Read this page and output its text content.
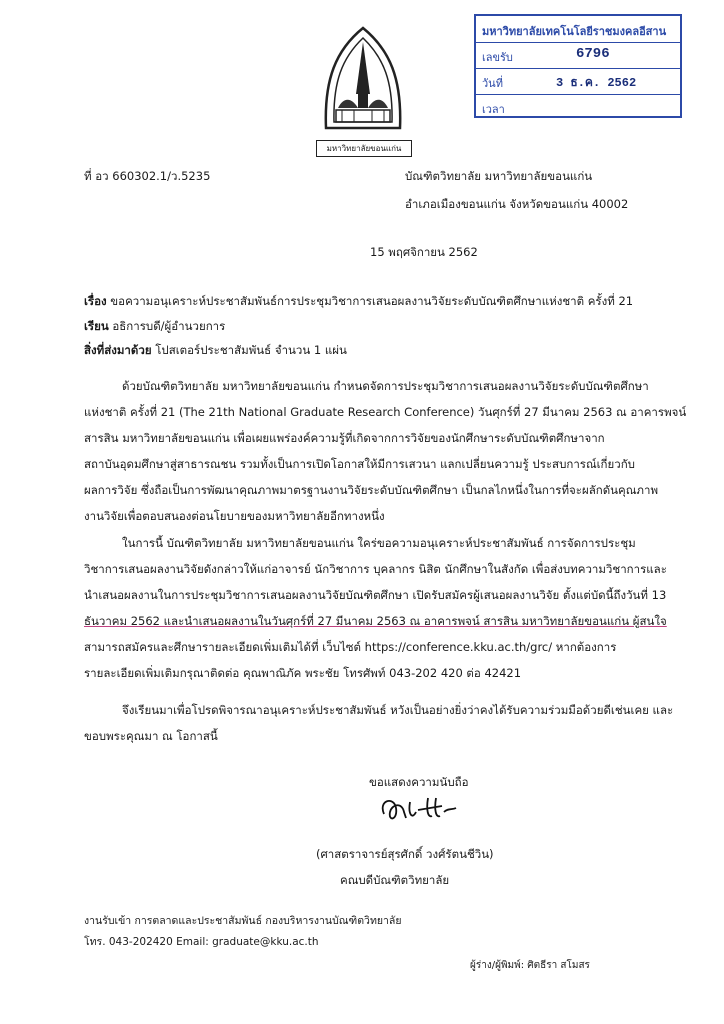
มหาวิทยาลัยเทคโนโลยีราชมงคลอีสาน
เลขรับ	6796
วันที่	3 ธ.ค. 2562
เวลา
มหาวิทยาลัยขอนแก่น
ที่ อว 660302.1/ว.5235	บัณฑิตวิทยาลัย มหาวิทยาลัยขอนแก่น
อำเภอเมืองขอนแก่น จังหวัดขอนแก่น 40002
15 พฤศจิกายน 2562
เรื่อง ขอความอนุเคราะห์ประชาสัมพันธ์การประชุมวิชาการเสนอผลงานวิจัยระดับบัณฑิตศึกษาแห่งชาติ ครั้งที่ 21
เรียน อธิการบดี/ผู้อำนวยการ
สิ่งที่ส่งมาด้วย โปสเตอร์ประชาสัมพันธ์ จำนวน 1 แผ่น
ด้วยบัณฑิตวิทยาลัย มหาวิทยาลัยขอนแก่น กำหนดจัดการประชุมวิชาการเสนอผลงานวิจัยระดับบัณฑิตศึกษา
แห่งชาติ ครั้งที่ 21 (The 21th National Graduate Research Conference) วันศุกร์ที่ 27 มีนาคม 2563 ณ อาคารพจน์
สารสิน มหาวิทยาลัยขอนแก่น เพื่อเผยแพร่องค์ความรู้ที่เกิดจากการวิจัยของนักศึกษาระดับบัณฑิตศึกษาจาก
สถาบันอุดมศึกษาสู่สาธารณชน รวมทั้งเป็นการเปิดโอกาสให้มีการเสวนา แลกเปลี่ยนความรู้ ประสบการณ์เกี่ยวกับ
ผลการวิจัย ซึ่งถือเป็นการพัฒนาคุณภาพมาตรฐานงานวิจัยระดับบัณฑิตศึกษา เป็นกลไกหนึ่งในการที่จะผลักดันคุณภาพ
งานวิจัยเพื่อตอบสนองต่อนโยบายของมหาวิทยาลัยอีกทางหนึ่ง
ในการนี้ บัณฑิตวิทยาลัย มหาวิทยาลัยขอนแก่น ใคร่ขอความอนุเคราะห์ประชาสัมพันธ์ การจัดการประชุม
วิชาการเสนอผลงานวิจัยดังกล่าวให้แก่อาจารย์ นักวิชาการ บุคลากร นิสิต นักศึกษาในสังกัด เพื่อส่งบทความวิชาการและ
นำเสนอผลงานในการประชุมวิชาการเสนอผลงานวิจัยบัณฑิตศึกษา เปิดรับสมัครผู้เสนอผลงานวิจัย ตั้งแต่บัดนี้ถึงวันที่ 13
ธันวาคม 2562 และนำเสนอผลงานในวันศุกร์ที่ 27 มีนาคม 2563 ณ อาคารพจน์ สารสิน มหาวิทยาลัยขอนแก่น ผู้สนใจ
สามารถสมัครและศึกษารายละเอียดเพิ่มเติมได้ที่ เว็บไซต์ https://conference.kku.ac.th/grc/ หากต้องการ
รายละเอียดเพิ่มเติมกรุณาติดต่อ คุณพาณิภัค พระชัย โทรศัพท์ 043-202 420 ต่อ 42421
จึงเรียนมาเพื่อโปรดพิจารณาอนุเคราะห์ประชาสัมพันธ์ หวังเป็นอย่างยิ่งว่าคงได้รับความร่วมมือด้วยดีเช่นเคย และ
ขอบพระคุณมา ณ โอกาสนี้
ขอแสดงความนับถือ
(ศาสตราจารย์สุรศักดิ์ วงศ์รัตนชีวิน)
คณบดีบัณฑิตวิทยาลัย
งานรับเข้า การตลาดและประชาสัมพันธ์ กองบริหารงานบัณฑิตวิทยาลัย
โทร. 043-202420 Email: graduate@kku.ac.th
ผู้ร่าง/ผู้พิมพ์: ศิตธีรา สโมสร
